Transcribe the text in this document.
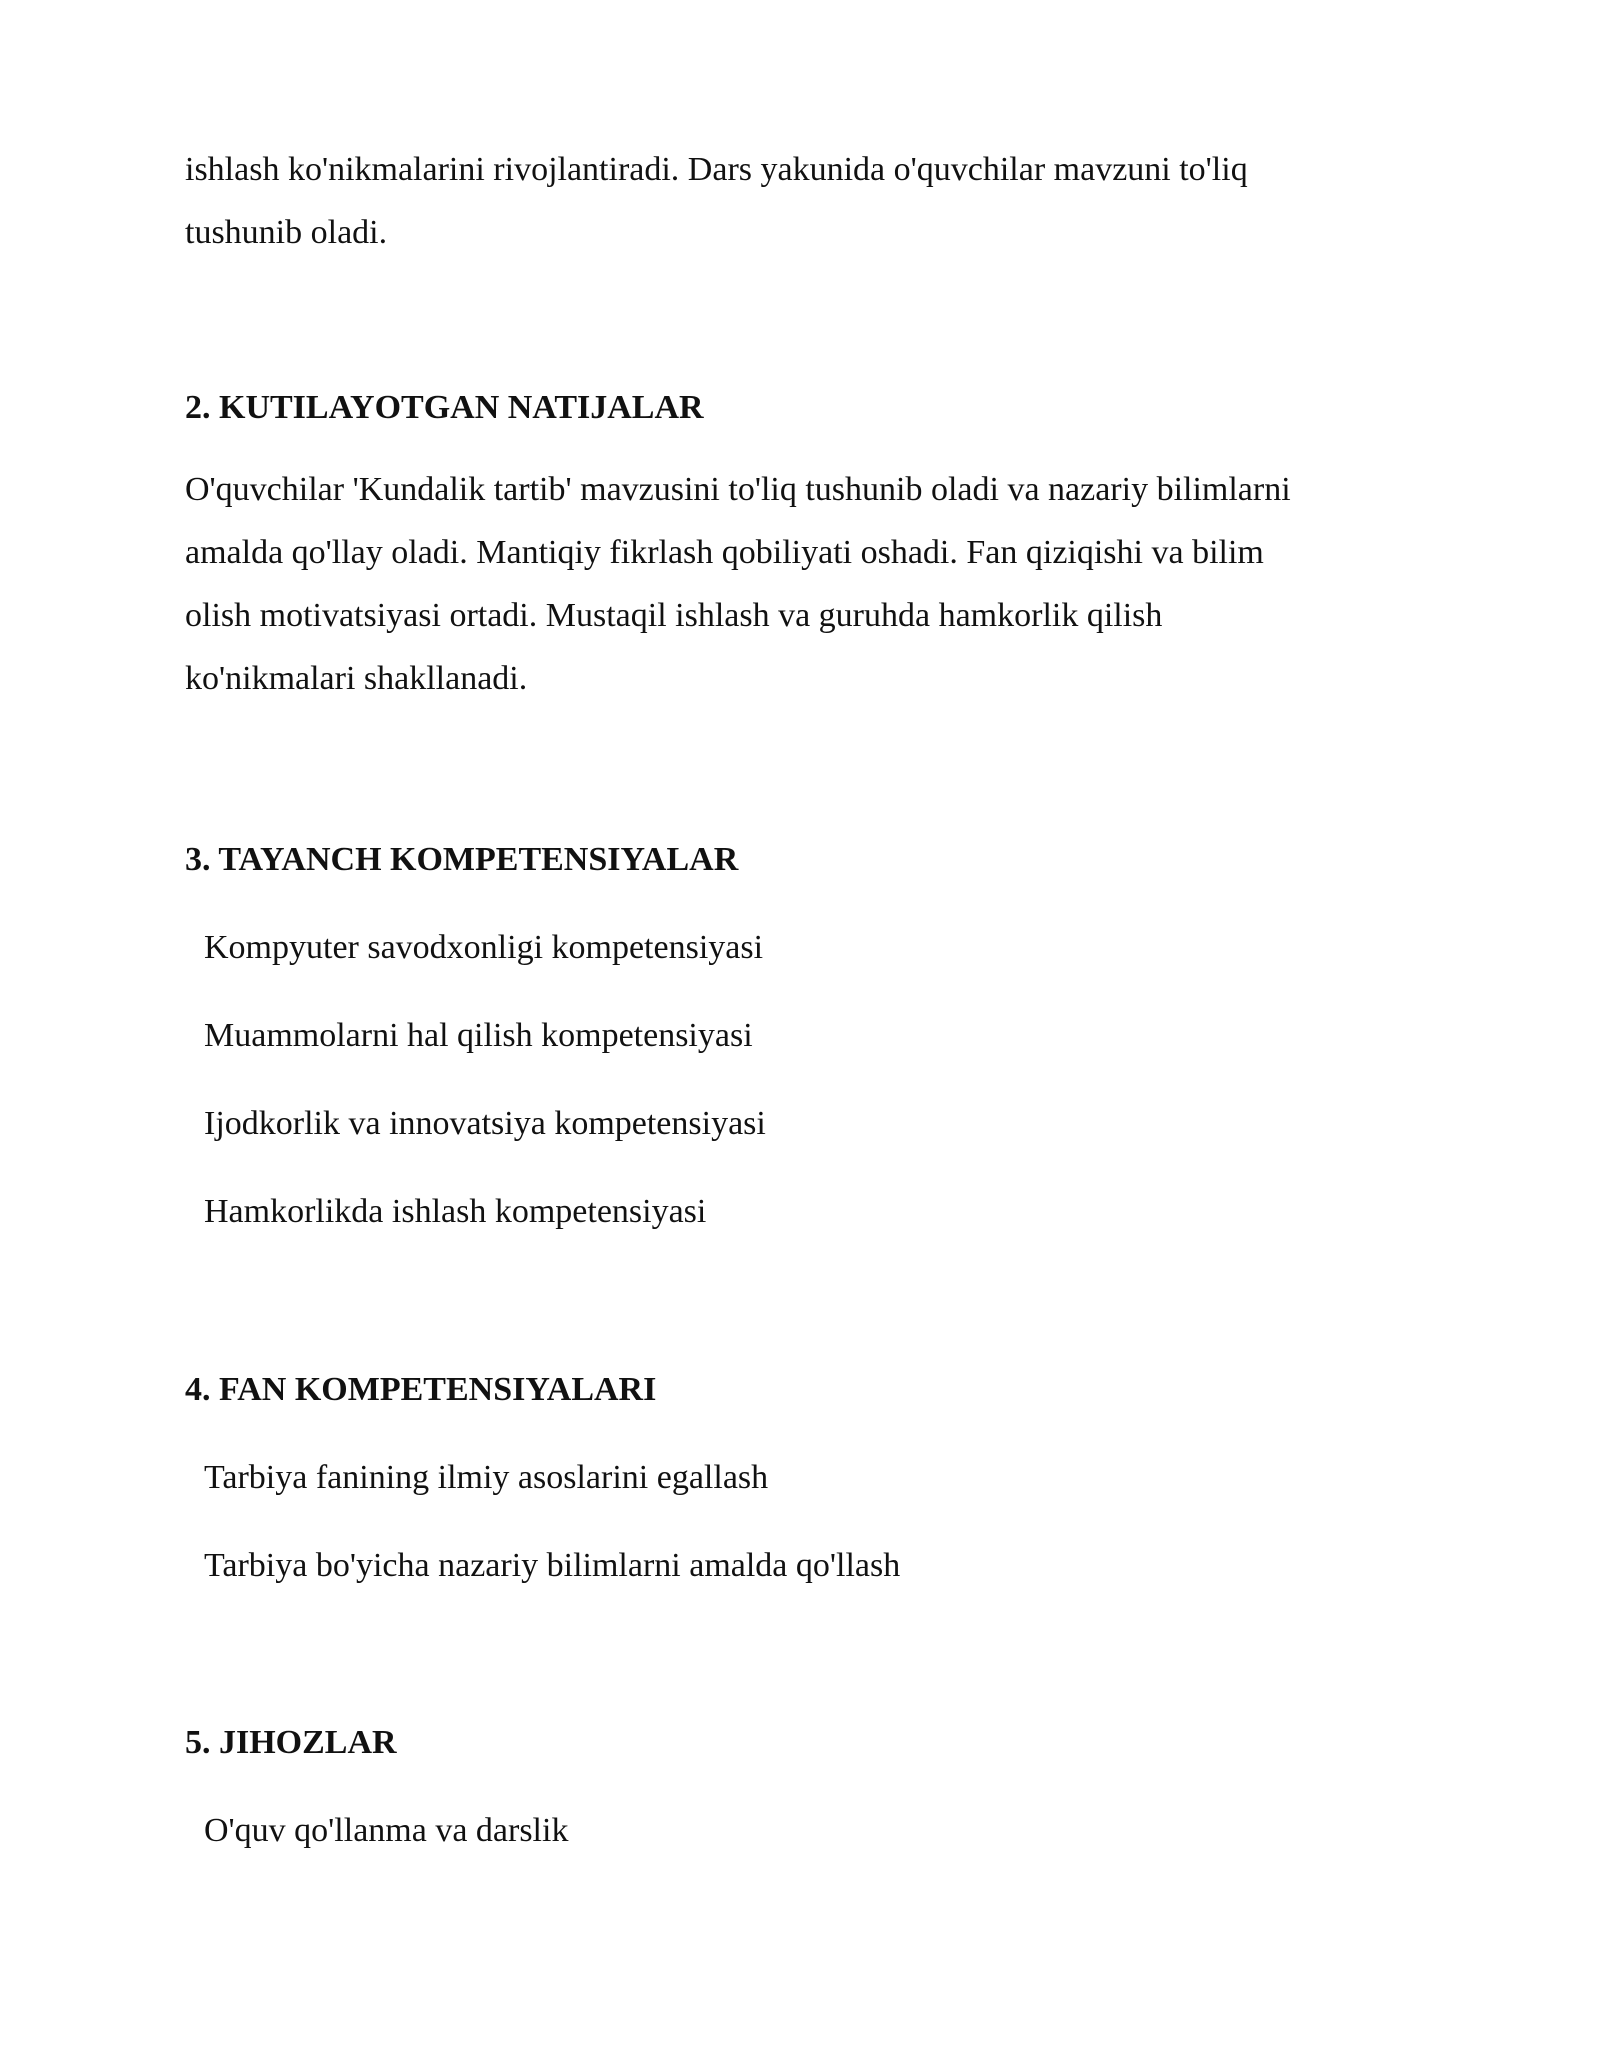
ishlash ko'nikmalarini rivojlantiradi. Dars yakunida o'quvchilar mavzuni to'liq

tushunib oladi.

2. KUTILAYOTGAN NATIJALAR

O'quvchilar 'Kundalik tartib' mavzusini to'liq tushunib oladi va nazariy bilimlarni

amalda qo'llay oladi. Mantiqiy fikrlash qobiliyati oshadi. Fan qiziqishi va bilim

olish motivatsiyasi ortadi. Mustaqil ishlash va guruhda hamkorlik qilish

ko'nikmalari shakllanadi.

3. TAYANCH KOMPETENSIYALAR

Kompyuter savodxonligi kompetensiyasi

Muammolarni hal qilish kompetensiyasi

Ijodkorlik va innovatsiya kompetensiyasi

Hamkorlikda ishlash kompetensiyasi

4. FAN KOMPETENSIYALARI

Tarbiya fanining ilmiy asoslarini egallash

Tarbiya bo'yicha nazariy bilimlarni amalda qo'llash

5. JIHOZLAR

O'quv qo'llanma va darslik
